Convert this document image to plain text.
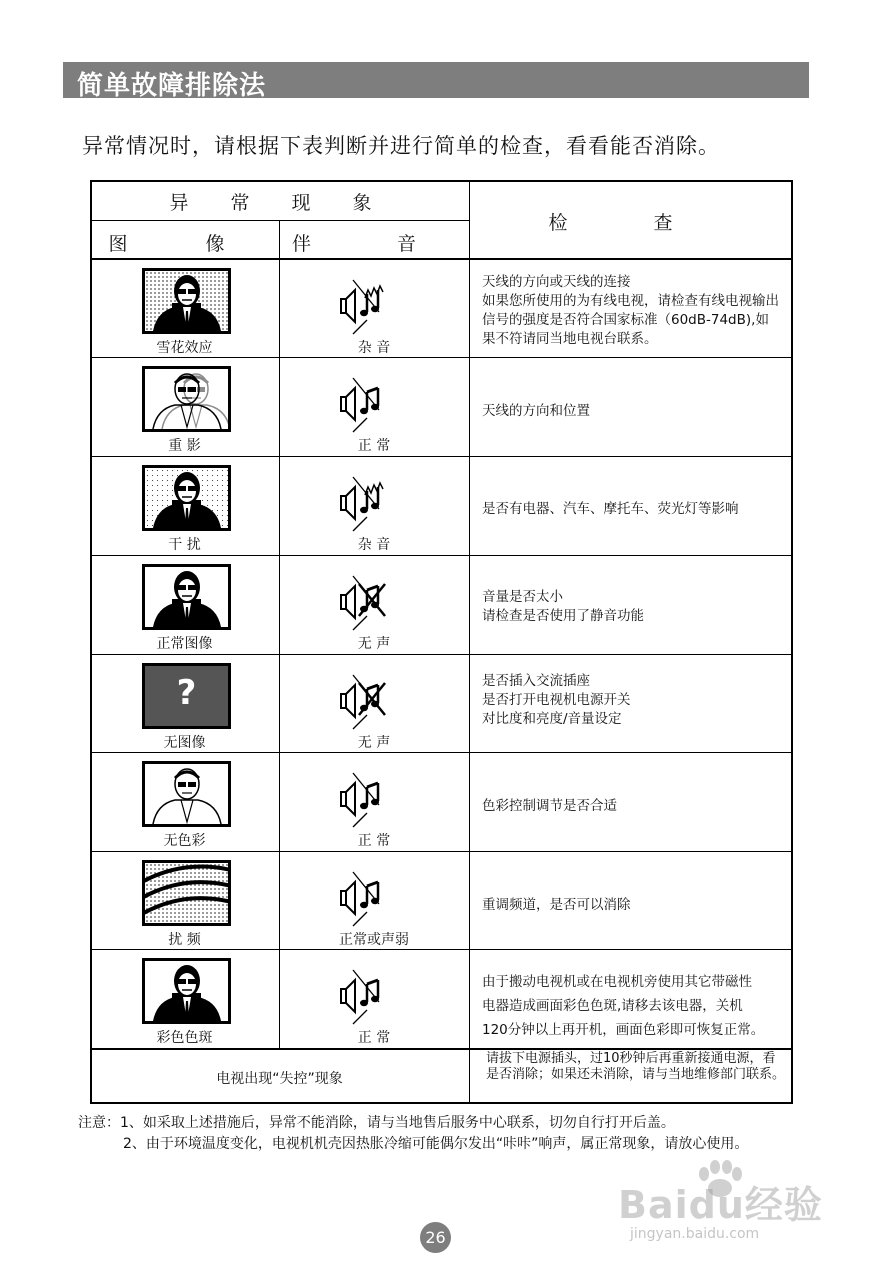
简单故障排除法
异常情况时，请根据下表判断并进行简单的检查，看看能否消除。
异 常 现 象
图 像	伴 音
检 查
雪花效应	杂 音
天线的方向或天线的连接
如果您所使用的为有线电视，请检查有线电视输出信号的强度是否符合国家标准（60dB-74dB),如果不符请同当地电视台联系。
重 影	正 常
天线的方向和位置
干 扰	杂 音
是否有电器、汽车、摩托车、荧光灯等影响
正常图像	无 声
音量是否太小
请检查是否使用了静音功能
?
无图像	无 声
是否插入交流插座
是否打开电视机电源开关
对比度和亮度/音量设定
无色彩	正 常
色彩控制调节是否合适
扰 频	正常或声弱
重调频道，是否可以消除
彩色色斑	正 常
由于搬动电视机或在电视机旁使用其它带磁性
电器造成画面彩色色斑,请移去该电器，关机
120分钟以上再开机，画面色彩即可恢复正常。
电视出现“失控”现象
请拔下电源插头，过10秒钟后再重新接通电源，看是否消除；如果还未消除，请与当地维修部门联系。
注意：1、如采取上述措施后，异常不能消除，请与当地售后服务中心联系，切勿自行打开后盖。
2、由于环境温度变化，电视机机壳因热胀冷缩可能偶尔发出“咔咔”响声，属正常现象，请放心使用。
Baidu经验
jingyan.baidu.com
26
